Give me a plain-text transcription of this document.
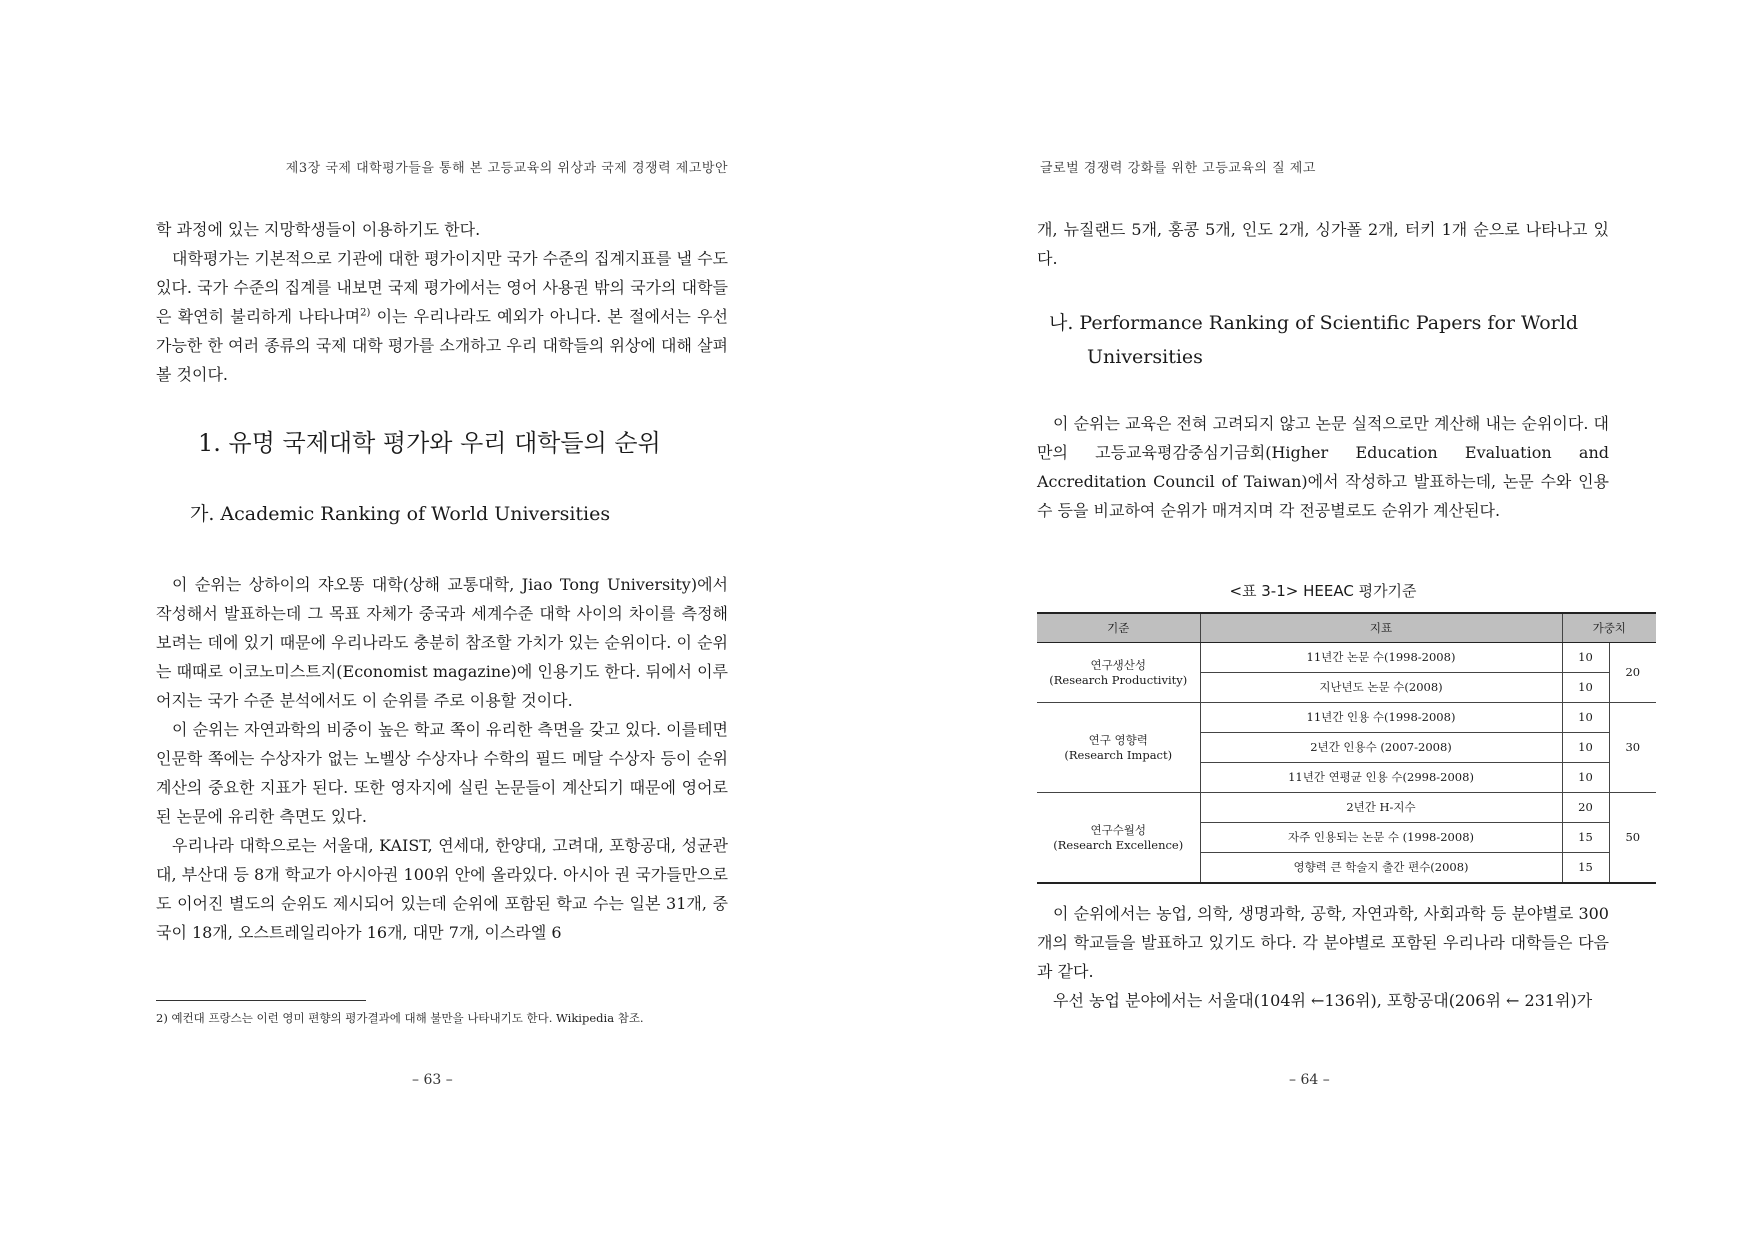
제3장 국제 대학평가들을 통해 본 고등교육의 위상과 국제 경쟁력 제고방안

학 과정에 있는 지망학생들이 이용하기도 한다.

대학평가는 기본적으로 기관에 대한 평가이지만 국가 수준의 집계지표를 낼 수도 있다. 국가 수준의 집계를 내보면 국제 평가에서는 영어 사용권 밖의 국가의 대학들은 확연히 불리하게 나타나며$^{2)}$ 이는 우리나라도 예외가 아니다. 본 절에서는 우선 가능한 한 여러 종류의 국제 대학 평가를 소개하고 우리 대학들의 위상에 대해 살펴볼 것이다.

1. 유명 국제대학 평가와 우리 대학들의 순위

가. Academic Ranking of World Universities

이 순위는 상하이의 쟈오똥 대학(상해 교통대학, Jiao Tong University)에서 작성해서 발표하는데 그 목표 자체가 중국과 세계수준 대학 사이의 차이를 측정해보려는 데에 있기 때문에 우리나라도 충분히 참조할 가치가 있는 순위이다. 이 순위는 때때로 이코노미스트지(Economist magazine)에 인용기도 한다. 뒤에서 이루어지는 국가 수준 분석에서도 이 순위를 주로 이용할 것이다.

이 순위는 자연과학의 비중이 높은 학교 쪽이 유리한 측면을 갖고 있다. 이를테면 인문학 쪽에는 수상자가 없는 노벨상 수상자나 수학의 필드 메달 수상자 등이 순위 계산의 중요한 지표가 된다. 또한 영자지에 실린 논문들이 계산되기 때문에 영어로 된 논문에 유리한 측면도 있다.

우리나라 대학으로는 서울대, KAIST, 연세대, 한양대, 고려대, 포항공대, 성균관대, 부산대 등 8개 학교가 아시아권 100위 안에 올라있다. 아시아 권 국가들만으로도 이어진 별도의 순위도 제시되어 있는데 순위에 포함된 학교 수는 일본 31개, 중국이 18개, 오스트레일리아가 16개, 대만 7개, 이스라엘 6

2) 예컨대 프랑스는 이런 영미 편향의 평가결과에 대해 불만을 나타내기도 한다. Wikipedia 참조.
– 63 –
글로벌 경쟁력 강화를 위한 고등교육의 질 제고

개, 뉴질랜드 5개, 홍콩 5개, 인도 2개, 싱가폴 2개, 터키 1개 순으로 나타나고 있다.

나. Performance Ranking of Scientific Papers for World

Universities

이 순위는 교육은 전혀 고려되지 않고 논문 실적으로만 계산해 내는 순위이다. 대만의 고등교육평감중심기금회(Higher Education Evaluation and Accreditation Council of Taiwan)에서 작성하고 발표하는데, 논문 수와 인용 수 등을 비교하여 순위가 매겨지며 각 전공별로도 순위가 계산된다.

<표 3-1> HEEAC 평가기준
기준	지표	가중치	
연구생산성
(Research Productivity)	11년간 논문 수(1998-2008)	10	20
	지난년도 논문 수(2008)	10	
연구 영향력
(Research Impact)	11년간 인용 수(1998-2008)	10	30
	2년간 인용수 (2007-2008)	10	
	11년간 연평균 인용 수(2998-2008)	10	
연구수월성
(Research Excellence)	2년간 H-지수	20	50
	자주 인용되는 논문 수 (1998-2008)	15	
	영향력 큰 학술지 출간 편수(2008)	15	

이 순위에서는 농업, 의학, 생명과학, 공학, 자연과학, 사회과학 등 분야별로 300개의 학교들을 발표하고 있기도 하다. 각 분야별로 포함된 우리나라 대학들은 다음과 같다.

우선 농업 분야에서는 서울대(104위 ←136위), 포항공대(206위 ← 231위)가

– 64 –
